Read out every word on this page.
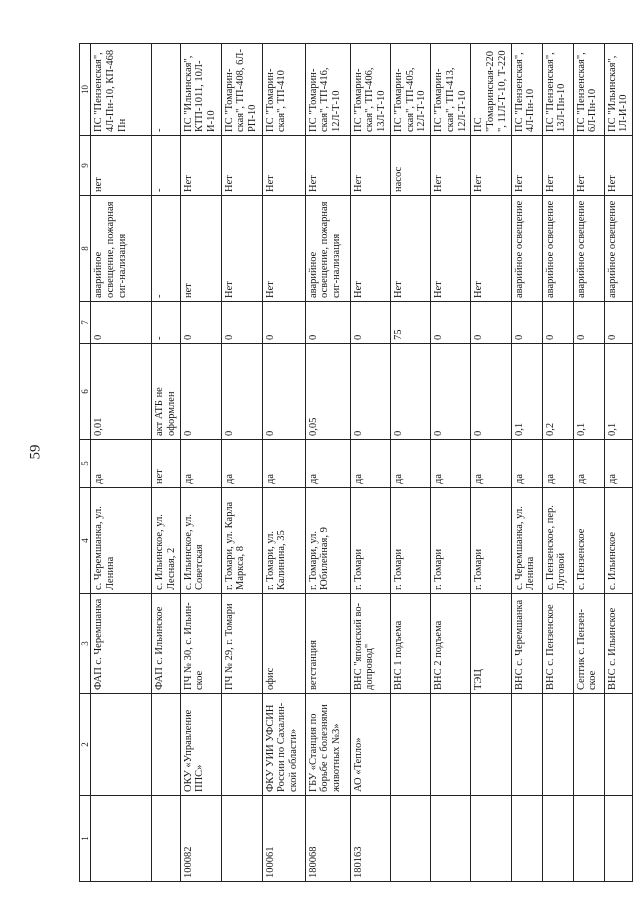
59
1	2	3	4	5	6	7	8	9	10
		ФАП с. Черемшанка	с. Черемшанка, ул. Ленина	да	0,01	0	аварийное освещение, пожарная сиг-нализация	нет	ПС "Пензенская", 4Л-Пн-10, КП-468 Пн
		ФАП с. Ильинское	с. Ильинское, ул. Лесная, 2	нет	акт АТБ не оформлен	-	-	-	-
100082	ОКУ «Управление ППС»	ПЧ № 30, с. Ильин-ское	с. Ильинское, ул. Советская	да	0	0	нет	Нет	ПС "Ильинская", КТП-1011, 10Л-И-10
		ПЧ № 29, г. Томари	г. Томари, ул. Карла Маркса, 8	да	0	0	Нет	Нет	ПС "Томарин-ская", ТП-408, 6Л-РП-10
100061	ФКУ УИИ УФСИН России по Сахалин-ской области»	офис	г. Томари, ул. Калинина, 35	да	0	0	Нет	Нет	ПС "Томарин-ская", ТП-410
180068	ГБУ «Станция по борьбе с болезнями животных №3»	ветстанция	г. Томари, ул. Юбилейная, 9	да	0,05	0	аварийное освещение, пожарная сиг-нализация	Нет	ПС "Томарин-ская", ТП-416, 12Л-Т-10
180163	АО «Тепло»	ВНС "японский во-допровод"	г. Томари	да	0	0	Нет	Нет	ПС "Томарин-ская", ТП-406, 13Л-Т-10
		ВНС 1 подъема	г. Томари	да	0	75	Нет	насос	ПС "Томарин-ская", ТП-405, 12Л-Т-10
		ВНС 2 подъема	г. Томари	да	0	0	Нет	Нет	ПС "Томарин-ская", ТП-413, 12Л-Т-10
		ТЭЦ	г. Томари	да	0	0	Нет	Нет	ПС "Томаринская-220", 11Л-Т-10, Т-220
		ВНС с. Черемшанка	с. Черемшанка, ул. Ленина	да	0,1	0	аварийное освещение	Нет	ПС "Пензенская", 4Л-Пн-10
		ВНС с. Пензенское	с. Пензенское, пер. Луговой	да	0,2	0	аварийное освещение	Нет	ПС "Пензенская", 13Л-Пн-10
		Септик с. Пензен-ское	с. Пензенское	да	0,1	0	аварийное освещение	Нет	ПС "Пензенская", 6Л-Пн-10
		ВНС с. Ильинское	с. Ильинское	да	0,1	0	аварийное освещение	Нет	ПС "Ильинская", 1Л-И-10
